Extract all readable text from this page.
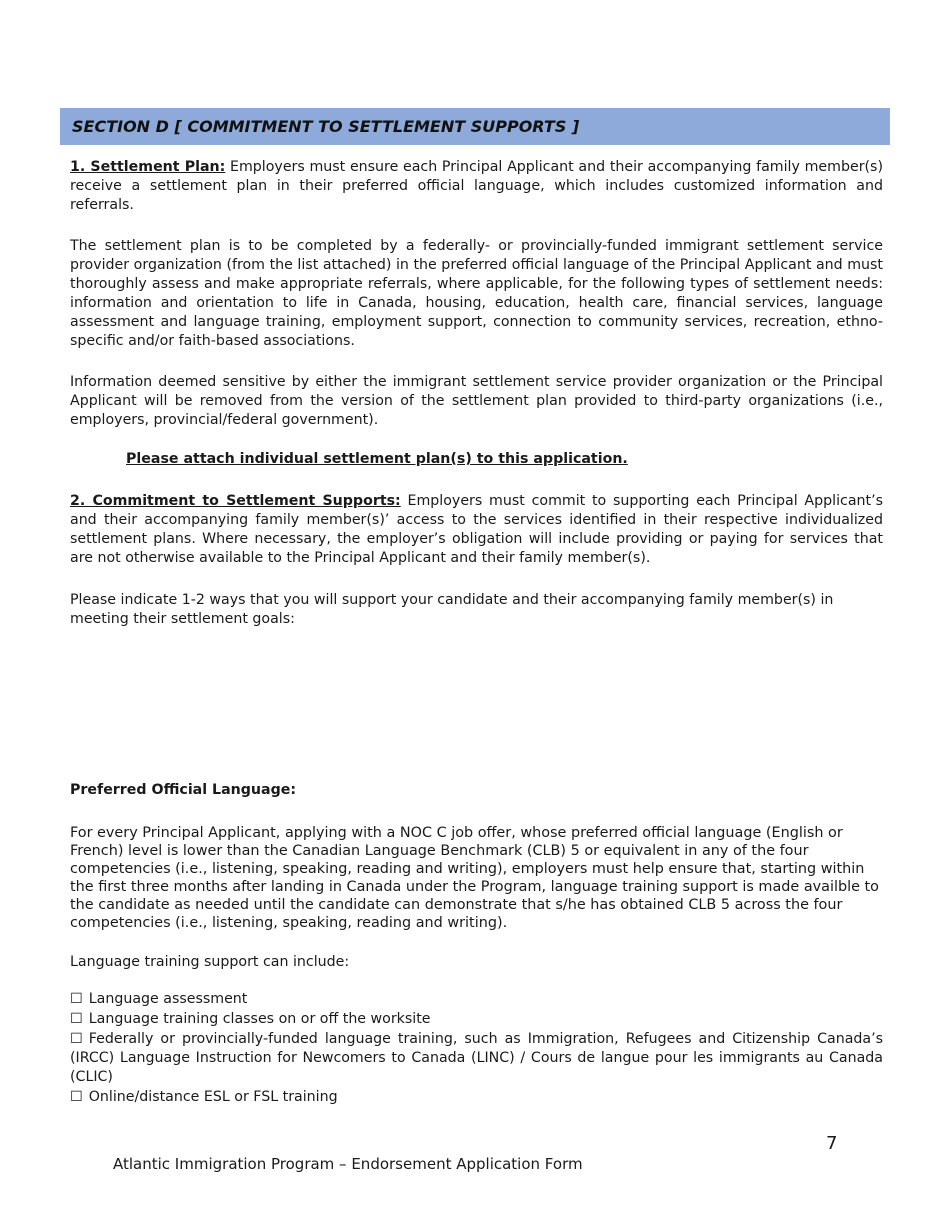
SECTION D [ COMMITMENT TO SETTLEMENT SUPPORTS ]

1. Settlement Plan: Employers must ensure each Principal Applicant and their accompanying family member(s) receive a settlement plan in their preferred official language, which includes customized information and referrals.

The settlement plan is to be completed by a federally- or provincially-funded immigrant settlement service provider organization (from the list attached) in the preferred official language of the Principal Applicant and must thoroughly assess and make appropriate referrals, where applicable, for the following types of settlement needs: information and orientation to life in Canada, housing, education, health care, financial services, language assessment and language training, employment support, connection to community services, recreation, ethno-specific and/or faith-based associations.

Information deemed sensitive by either the immigrant settlement service provider organization or the Principal Applicant will be removed from the version of the settlement plan provided to third-party organizations (i.e., employers, provincial/federal government).

Please attach individual settlement plan(s) to this application.

2. Commitment to Settlement Supports: Employers must commit to supporting each Principal Applicant’s and their accompanying family member(s)’ access to the services identified in their respective individualized settlement plans. Where necessary, the employer’s obligation will include providing or paying for services that are not otherwise available to the Principal Applicant and their family member(s).

Please indicate 1-2 ways that you will support your candidate and their accompanying family member(s) in meeting their settlement goals:

Preferred Official Language:

For every Principal Applicant, applying with a NOC C job offer, whose preferred official language (English or French) level is lower than the Canadian Language Benchmark (CLB) 5 or equivalent in any of the four competencies (i.e., listening, speaking, reading and writing), employers must help ensure that, starting within the first three months after landing in Canada under the Program, language training support is made availble to the candidate as needed until the candidate can demonstrate that s/he has obtained CLB 5 across the four competencies (i.e., listening, speaking, reading and writing).

Language training support can include:

☐ Language assessment
☐ Language training classes on or off the worksite
☐ Federally or provincially-funded language training, such as Immigration, Refugees and Citizenship Canada’s (IRCC) Language Instruction for Newcomers to Canada (LINC) / Cours de langue pour les immigrants au Canada (CLIC)
☐ Online/distance ESL or FSL training
7
Atlantic Immigration Program – Endorsement Application Form
